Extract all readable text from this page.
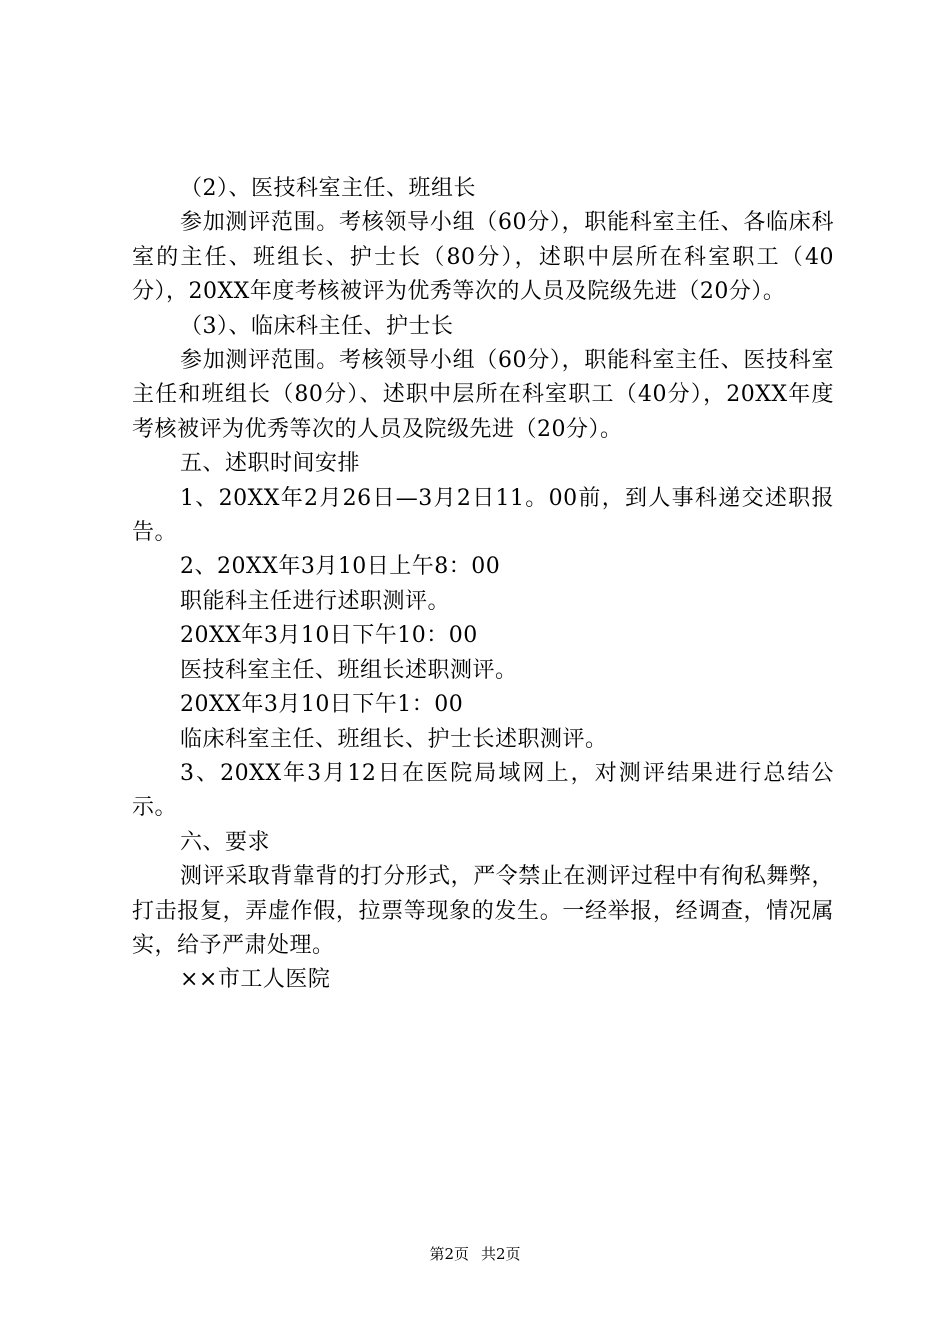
（2）、医技科室主任、班组长

参加测评范围。考核领导小组（60分），职能科室主任、各临床科室的主任、班组长、护士长（80分），述职中层所在科室职工（40分），20XX年度考核被评为优秀等次的人员及院级先进（20分）。

（3）、临床科主任、护士长

参加测评范围。考核领导小组（60分），职能科室主任、医技科室主任和班组长（80分）、述职中层所在科室职工（40分），20XX年度考核被评为优秀等次的人员及院级先进（20分）。

五、述职时间安排

1、20XX年2月26日—3月2日11。00前，到人事科递交述职报告。

2、20XX年3月10日上午8：00

职能科主任进行述职测评。

20XX年3月10日下午10：00

医技科室主任、班组长述职测评。

20XX年3月10日下午1：00

临床科室主任、班组长、护士长述职测评。

3、20XX年3月12日在医院局域网上，对测评结果进行总结公示。

六、要求

测评采取背靠背的打分形式，严令禁止在测评过程中有徇私舞弊，打击报复，弄虚作假，拉票等现象的发生。一经举报，经调查，情况属实，给予严肃处理。

××市工人医院

第2页 共2页
